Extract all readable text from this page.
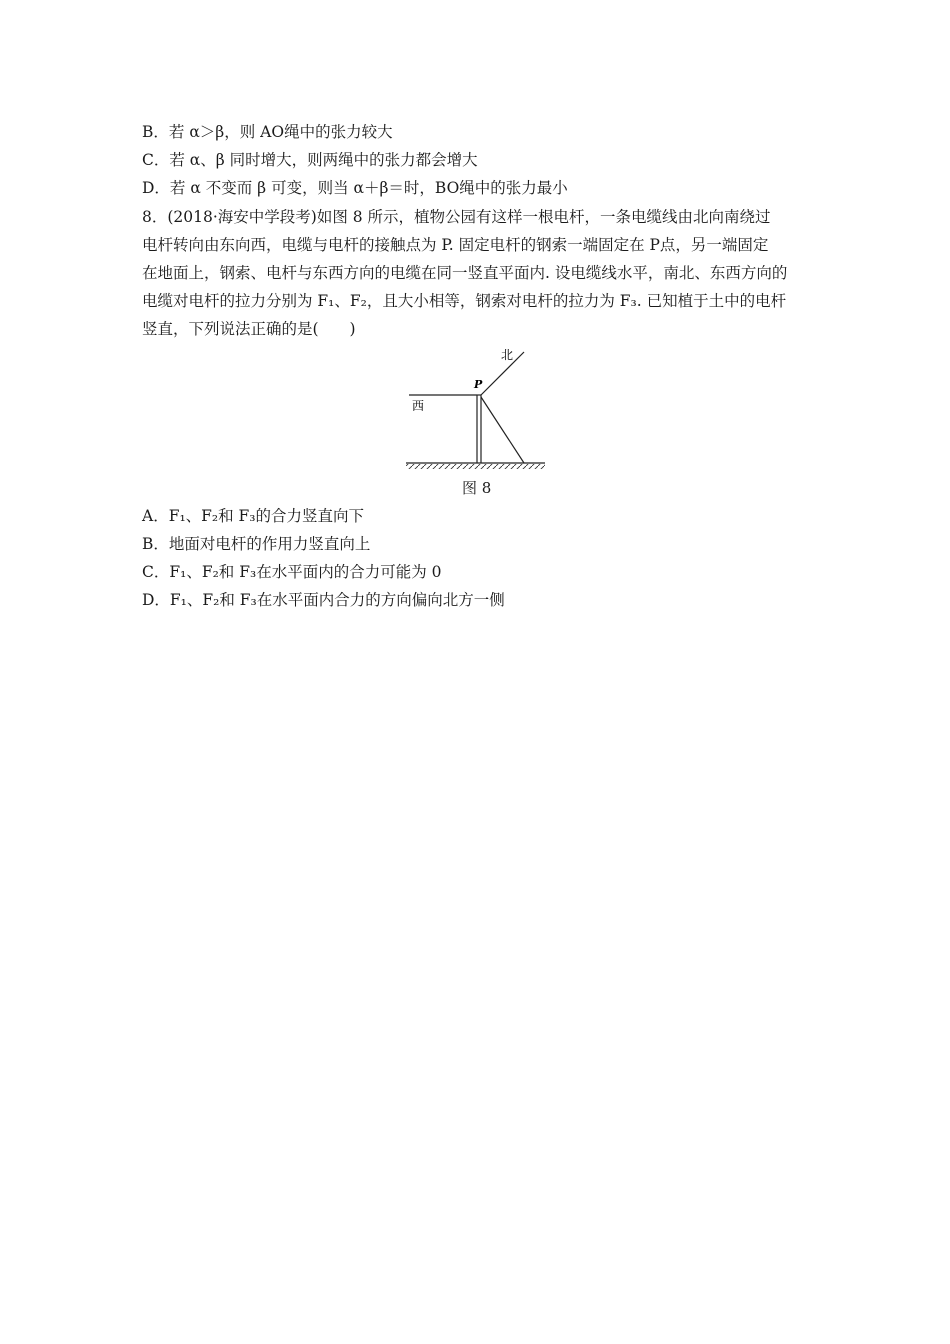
B．若 α＞β，则 AO绳中的张力较大
C．若 α、β 同时增大，则两绳中的张力都会增大
D．若 α 不变而 β 可变，则当 α＋β＝时，BO绳中的张力最小
8．(2018·海安中学段考)如图 8 所示，植物公园有这样一根电杆，一条电缆线由北向南绕过
电杆转向由东向西，电缆与电杆的接触点为 P. 固定电杆的钢索一端固定在 P点，另一端固定
在地面上，钢索、电杆与东西方向的电缆在同一竖直平面内. 设电缆线水平，南北、东西方向的
电缆对电杆的拉力分别为 F₁、F₂，且大小相等，钢索对电杆的拉力为 F₃. 已知植于土中的电杆
竖直，下列说法正确的是(　　)
北
西
P
图 8
A．F₁、F₂和 F₃的合力竖直向下
B．地面对电杆的作用力竖直向上
C．F₁、F₂和 F₃在水平面内的合力可能为 0
D．F₁、F₂和 F₃在水平面内合力的方向偏向北方一侧
